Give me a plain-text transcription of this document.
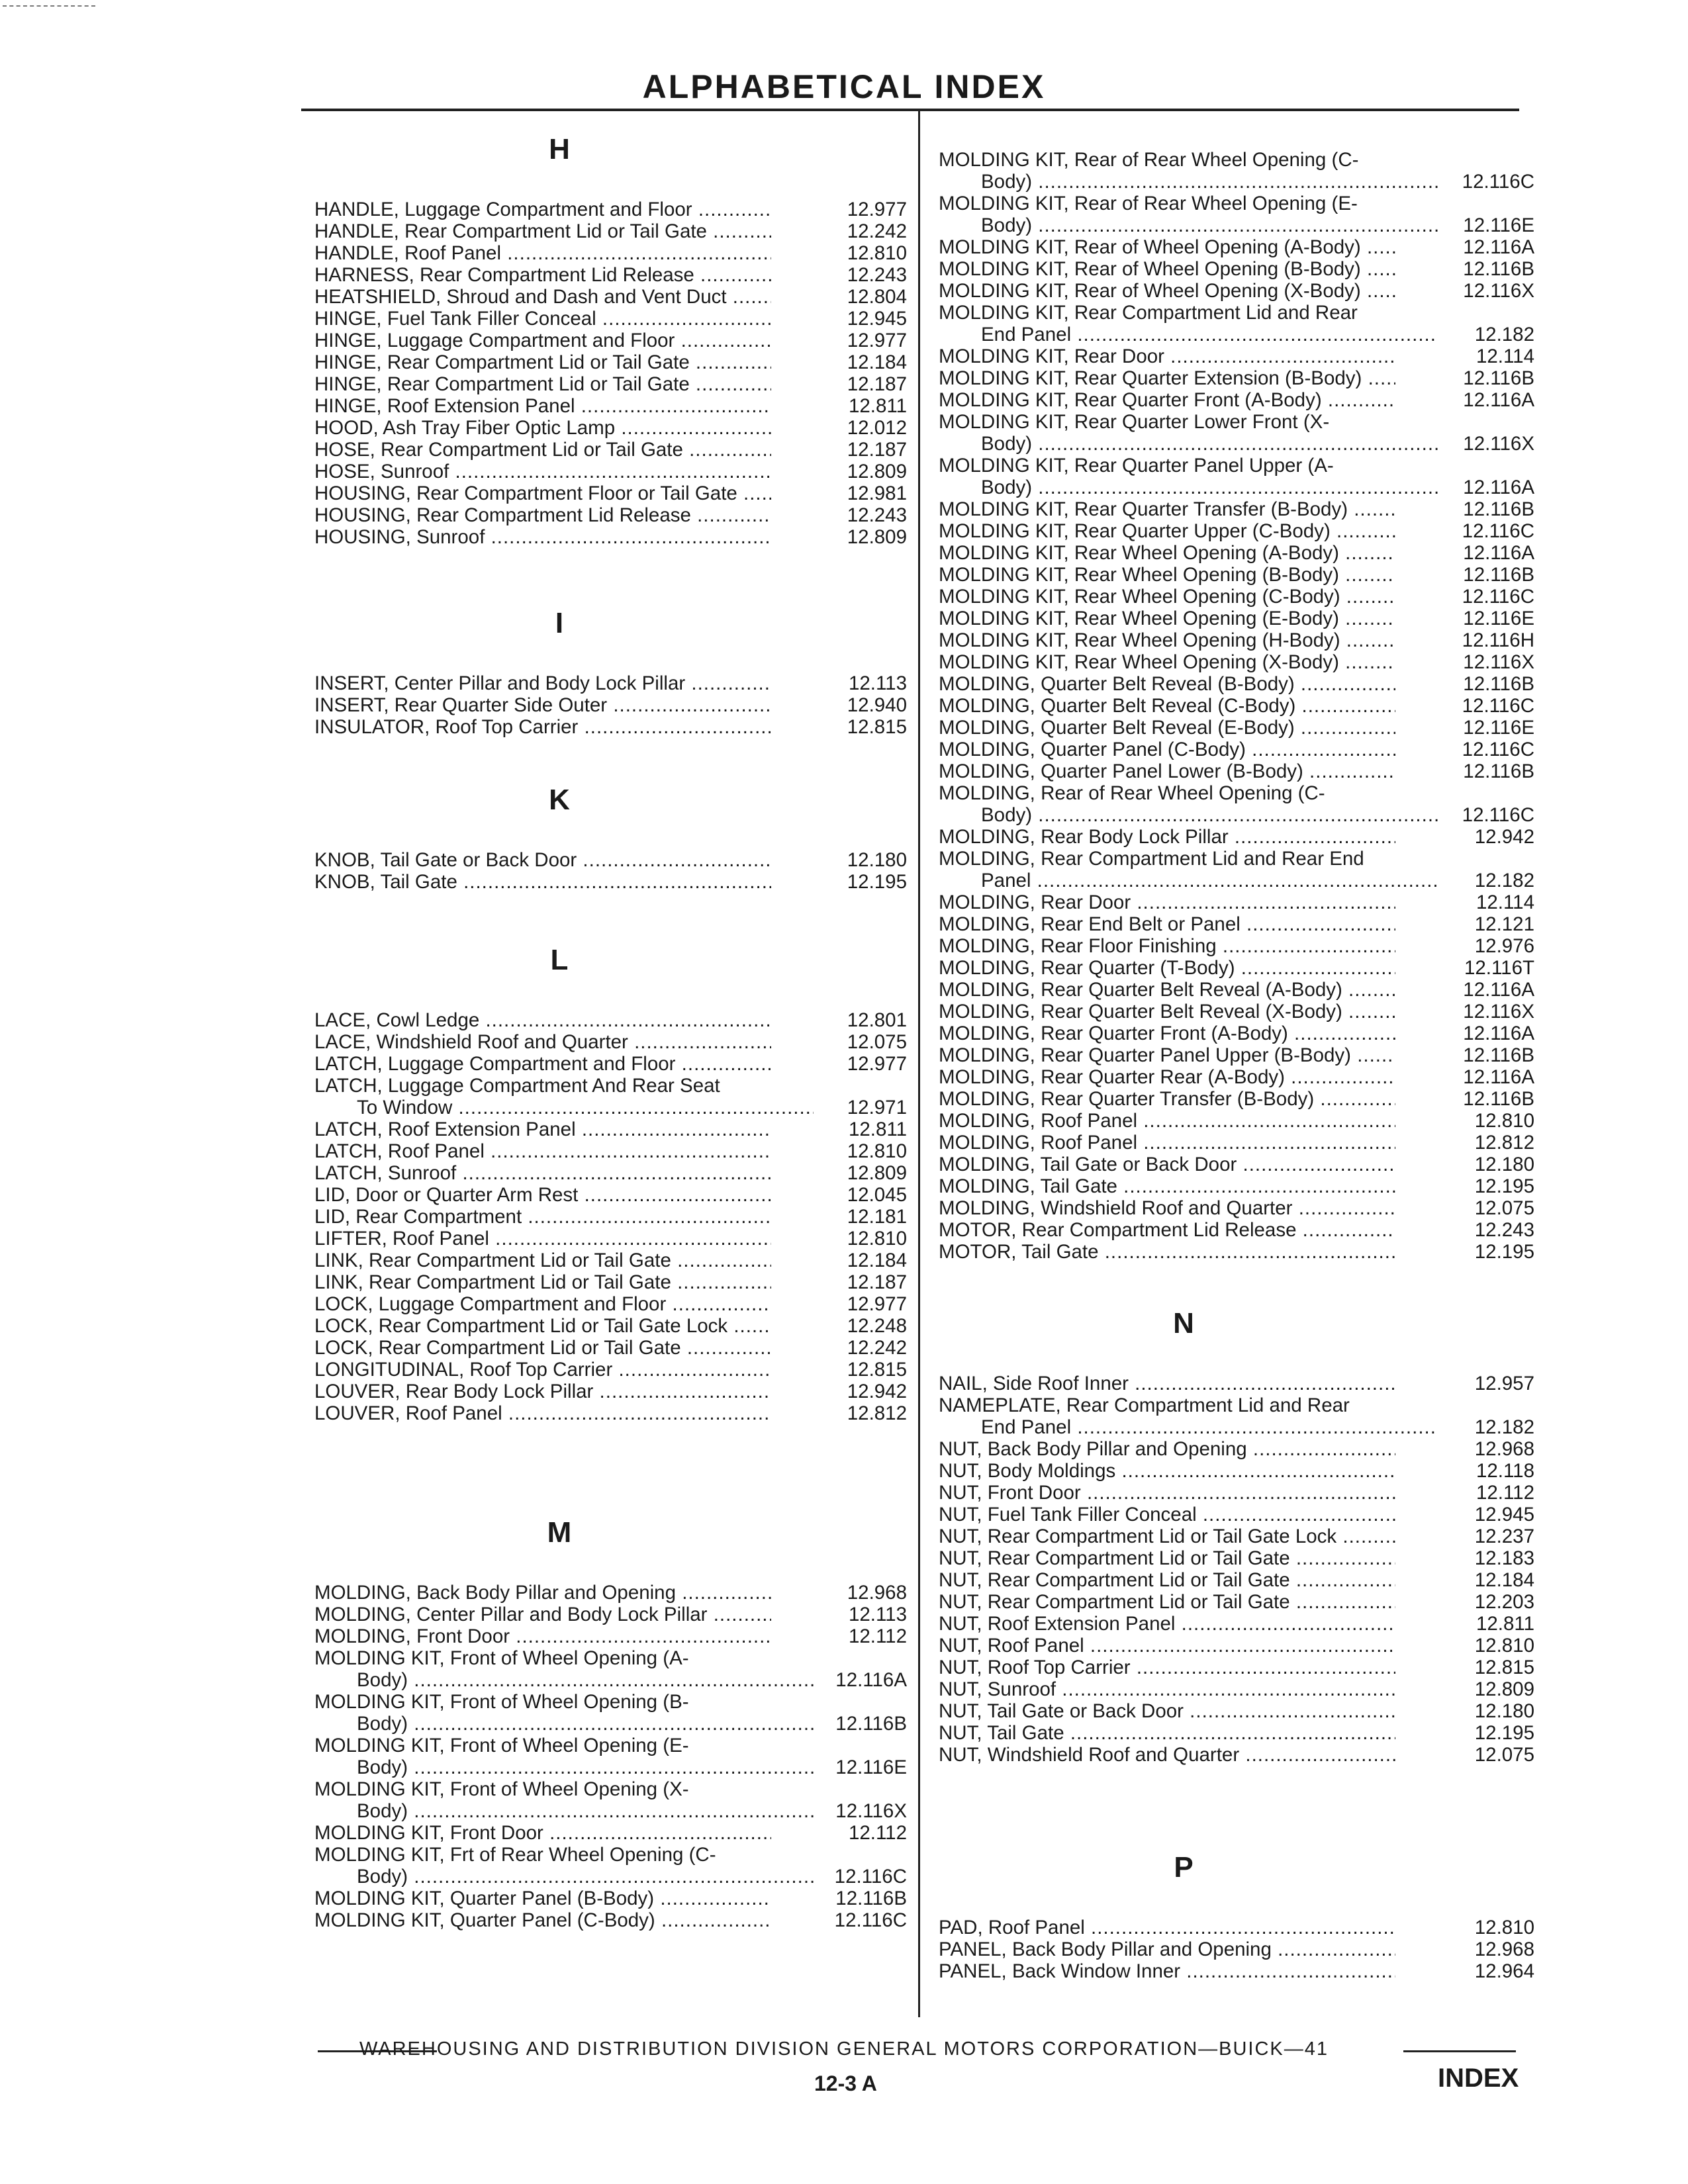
ALPHABETICAL INDEX
H
HANDLE, Luggage Compartment and Floor .....	12.977
HANDLE, Rear Compartment Lid or Tail Gate .....	12.242
HANDLE, Roof Panel .....	12.810
HARNESS, Rear Compartment Lid Release .....	12.243
HEATSHIELD, Shroud and Dash and Vent Duct .....	12.804
HINGE, Fuel Tank Filler Conceal .....	12.945
HINGE, Luggage Compartment and Floor .....	12.977
HINGE, Rear Compartment Lid or Tail Gate .....	12.184
HINGE, Rear Compartment Lid or Tail Gate .....	12.187
HINGE, Roof Extension Panel .....	12.811
HOOD, Ash Tray Fiber Optic Lamp .....	12.012
HOSE, Rear Compartment Lid or Tail Gate .....	12.187
HOSE, Sunroof .....	12.809
HOUSING, Rear Compartment Floor or Tail Gate .....	12.981
HOUSING, Rear Compartment Lid Release .....	12.243
HOUSING, Sunroof .....	12.809
I
INSERT, Center Pillar and Body Lock Pillar .....	12.113
INSERT, Rear Quarter Side Outer .....	12.940
INSULATOR, Roof Top Carrier .....	12.815
K
KNOB, Tail Gate or Back Door .....	12.180
KNOB, Tail Gate .....	12.195
L
LACE, Cowl Ledge .....	12.801
LACE, Windshield Roof and Quarter .....	12.075
LATCH, Luggage Compartment and Floor .....	12.977
LATCH, Luggage Compartment And Rear Seat
To Window .....	12.971
LATCH, Roof Extension Panel .....	12.811
LATCH, Roof Panel .....	12.810
LATCH, Sunroof .....	12.809
LID, Door or Quarter Arm Rest .....	12.045
LID, Rear Compartment .....	12.181
LIFTER, Roof Panel .....	12.810
LINK, Rear Compartment Lid or Tail Gate .....	12.184
LINK, Rear Compartment Lid or Tail Gate .....	12.187
LOCK, Luggage Compartment and Floor .....	12.977
LOCK, Rear Compartment Lid or Tail Gate Lock .....	12.248
LOCK, Rear Compartment Lid or Tail Gate .....	12.242
LONGITUDINAL, Roof Top Carrier .....	12.815
LOUVER, Rear Body Lock Pillar .....	12.942
LOUVER, Roof Panel .....	12.812
M
MOLDING, Back Body Pillar and Opening .....	12.968
MOLDING, Center Pillar and Body Lock Pillar .....	12.113
MOLDING, Front Door .....	12.112
MOLDING KIT, Front of Wheel Opening (A-
Body) .....	12.116A
MOLDING KIT, Front of Wheel Opening (B-
Body) .....	12.116B
MOLDING KIT, Front of Wheel Opening (E-
Body) .....	12.116E
MOLDING KIT, Front of Wheel Opening (X-
Body) .....	12.116X
MOLDING KIT, Front Door .....	12.112
MOLDING KIT, Frt of Rear Wheel Opening (C-
Body) .....	12.116C
MOLDING KIT, Quarter Panel (B-Body) .....	12.116B
MOLDING KIT, Quarter Panel (C-Body) .....	12.116C
MOLDING KIT, Rear of Rear Wheel Opening (C-
Body) .....	12.116C
MOLDING KIT, Rear of Rear Wheel Opening (E-
Body) .....	12.116E
MOLDING KIT, Rear of Wheel Opening (A-Body) .....	12.116A
MOLDING KIT, Rear of Wheel Opening (B-Body) .....	12.116B
MOLDING KIT, Rear of Wheel Opening (X-Body) .....	12.116X
MOLDING KIT, Rear Compartment Lid and Rear
End Panel .....	12.182
MOLDING KIT, Rear Door .....	12.114
MOLDING KIT, Rear Quarter Extension (B-Body) .....	12.116B
MOLDING KIT, Rear Quarter Front (A-Body) .....	12.116A
MOLDING KIT, Rear Quarter Lower Front (X-
Body) .....	12.116X
MOLDING KIT, Rear Quarter Panel Upper (A-
Body) .....	12.116A
MOLDING KIT, Rear Quarter Transfer (B-Body) .....	12.116B
MOLDING KIT, Rear Quarter Upper (C-Body) .....	12.116C
MOLDING KIT, Rear Wheel Opening (A-Body) .....	12.116A
MOLDING KIT, Rear Wheel Opening (B-Body) .....	12.116B
MOLDING KIT, Rear Wheel Opening (C-Body) .....	12.116C
MOLDING KIT, Rear Wheel Opening (E-Body) .....	12.116E
MOLDING KIT, Rear Wheel Opening (H-Body) .....	12.116H
MOLDING KIT, Rear Wheel Opening (X-Body) .....	12.116X
MOLDING, Quarter Belt Reveal (B-Body) .....	12.116B
MOLDING, Quarter Belt Reveal (C-Body) .....	12.116C
MOLDING, Quarter Belt Reveal (E-Body) .....	12.116E
MOLDING, Quarter Panel (C-Body) .....	12.116C
MOLDING, Quarter Panel Lower (B-Body) .....	12.116B
MOLDING, Rear of Rear Wheel Opening (C-
Body) .....	12.116C
MOLDING, Rear Body Lock Pillar .....	12.942
MOLDING, Rear Compartment Lid and Rear End
Panel .....	12.182
MOLDING, Rear Door .....	12.114
MOLDING, Rear End Belt or Panel .....	12.121
MOLDING, Rear Floor Finishing .....	12.976
MOLDING, Rear Quarter (T-Body) .....	12.116T
MOLDING, Rear Quarter Belt Reveal (A-Body) .....	12.116A
MOLDING, Rear Quarter Belt Reveal (X-Body) .....	12.116X
MOLDING, Rear Quarter Front (A-Body) .....	12.116A
MOLDING, Rear Quarter Panel Upper (B-Body) .....	12.116B
MOLDING, Rear Quarter Rear (A-Body) .....	12.116A
MOLDING, Rear Quarter Transfer (B-Body) .....	12.116B
MOLDING, Roof Panel .....	12.810
MOLDING, Roof Panel .....	12.812
MOLDING, Tail Gate or Back Door .....	12.180
MOLDING, Tail Gate .....	12.195
MOLDING, Windshield Roof and Quarter .....	12.075
MOTOR, Rear Compartment Lid Release .....	12.243
MOTOR, Tail Gate .....	12.195
N
NAIL, Side Roof Inner .....	12.957
NAMEPLATE, Rear Compartment Lid and Rear
End Panel .....	12.182
NUT, Back Body Pillar and Opening .....	12.968
NUT, Body Moldings .....	12.118
NUT, Front Door .....	12.112
NUT, Fuel Tank Filler Conceal .....	12.945
NUT, Rear Compartment Lid or Tail Gate Lock .....	12.237
NUT, Rear Compartment Lid or Tail Gate .....	12.183
NUT, Rear Compartment Lid or Tail Gate .....	12.184
NUT, Rear Compartment Lid or Tail Gate .....	12.203
NUT, Roof Extension Panel .....	12.811
NUT, Roof Panel .....	12.810
NUT, Roof Top Carrier .....	12.815
NUT, Sunroof .....	12.809
NUT, Tail Gate or Back Door .....	12.180
NUT, Tail Gate .....	12.195
NUT, Windshield Roof and Quarter .....	12.075
P
PAD, Roof Panel .....	12.810
PANEL, Back Body Pillar and Opening .....	12.968
PANEL, Back Window Inner .....	12.964
WAREHOUSING AND DISTRIBUTION DIVISION GENERAL MOTORS CORPORATION—BUICK—41
12-3 A	INDEX
